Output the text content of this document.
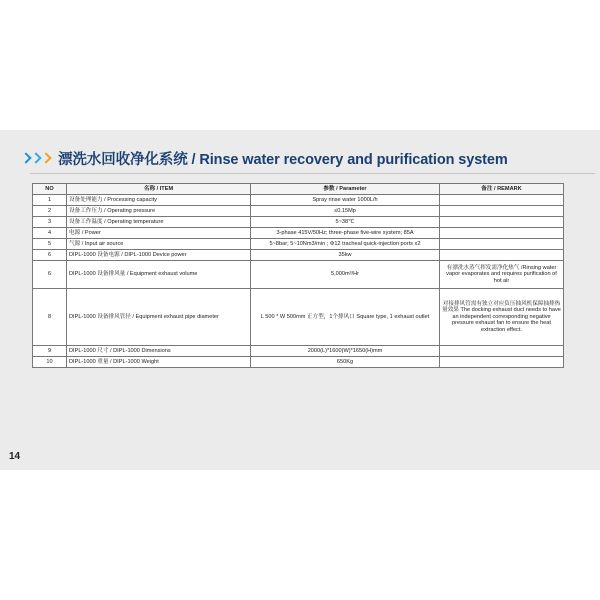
漂洗水回收净化系统 / Rinse water recovery and purification system
NO	名称 / ITEM	参数 / Parameter	备注 / REMARK
1	设备处理能力 / Processing capacity	Spray rinse water 1000L/h	
2	设备工作压力 / Operating pressure	≤0.15Mp	
3	设备工作温度 / Operating temperature	5~38℃	
4	电源 / Power	3-phase 415V/50Hz; three-phase five-wire system; 85A	
5	气源 / Input air source	5~8bar; 5~10Nm3/min ; Φ12 tracheal quick-injection ports x2	
6	DIPL-1000 设备电源 / DIPL-1000 Device power	35kw	
6	DIPL-1000 设备排风量 / Equipment exhaust volume	5,000m³/Hr	有漂洗水蒸气挥发需净化热气 /Rinsing water vapor evaporates and requires purification of hot air
8	DIPL-1000 设备排风管径 / Equipment exhaust pipe diameter	L 500 * W 500mm 正方型，1个排风口 Square type, 1 exhaust outlet	对接排风管需有独立对应负压抽风机保障抽排热量效果 The docking exhaust duct needs to have an independent corresponding negative pressure exhaust fan to ensure the heat extraction effect.
9	DIPL-1000 尺寸 / DIPL-1000 Dimensions	2000(L)*1600(W)*1650(H)mm	
10	DIPL-1000 重量 / DIPL-1000 Weight	650Kg	
14
